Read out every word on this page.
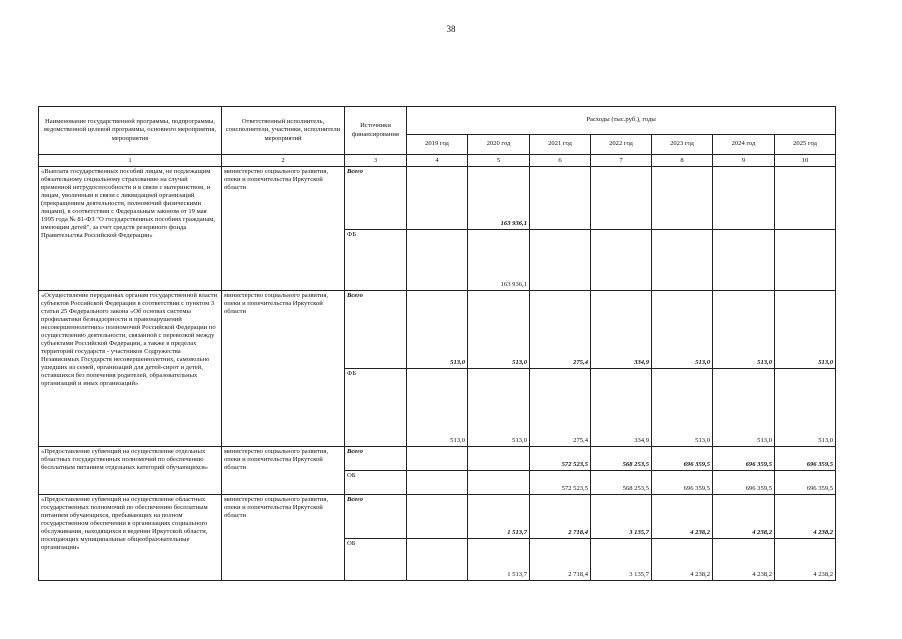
38
Наименование государственной программы, подпрограммы, ведомственной целевой программы, основного мероприятия, мероприятия	Ответственный исполнитель, соисполнители, участники, исполнители мероприятий	Источники финансирования	Расходы (тыс.руб.), годы						
			2019 год	2020 год	2021 год	2022 год	2023 год	2024 год	2025 год
1	2	3	4	5	6	7	8	9	10
«Выплата государственных пособий лицам, не подлежащим обязательному социальному страхованию на случай временной нетрудоспособности и в связи с материнством, и лицам, уволенным в связи с ликвидацией организаций (прекращением деятельности, полномочий физическими лицами), в соответствии с Федеральным законом от 19 мая 1995 года № 81-ФЗ "О государственных пособиях гражданам, имеющим детей", за счет средств резервного фонда Правительства Российской Федерации»	министерство социального развития, опеки и попечительства Иркутской области	Всего		163 936,1					
		ФБ		163 936,1					
«Осуществление переданных органам государственной власти субъектов Российской Федерации в соответствии с пунктом 3 статьи 25 Федерального закона «Об основах системы профилактики безнадзорности и правонарушений несовершеннолетних» полномочий Российской Федерации по осуществлению деятельности, связанной с перевозкой между субъектами Российской Федерации, а также в пределах территорий государств - участников Содружества Независимых Государств несовершеннолетних, самовольно ушедших из семей, организаций для детей-сирот и детей, оставшихся без попечения родителей, образовательных организаций и иных организаций»	министерство социального развития, опеки и попечительства Иркутской области	Всего	513,0	513,0	275,4	334,9	513,0	513,0	513,0
		ФБ	513,0	513,0	275,4	334,9	513,0	513,0	513,0
«Предоставление субвенций на осуществление отдельных областных государственных полномочий по обеспечению бесплатным питанием отдельных категорий обучающихся»	министерство социального развития, опеки и попечительства Иркутской области	Всего			572 523,5	568 253,5	696 359,5	696 359,5	696 359,5
		ОБ			572 523,5	568 253,5	696 359,5	696 359,5	696 359,5
«Предоставление субвенций на осуществление областных государственных полномочий по обеспечению бесплатным питанием обучающихся, пребывающих на полном государственном обеспечении в организациях социального обслуживания, находящихся в ведении Иркутской области, посещающих муниципальные общеобразовательные организации»	министерство социального развития, опеки и попечительства Иркутской области	Всего		1 513,7	2 718,4	3 135,7	4 238,2	4 238,2	4 238,2
		ОБ		1 513,7	2 718,4	3 135,7	4 238,2	4 238,2	4 238,2
